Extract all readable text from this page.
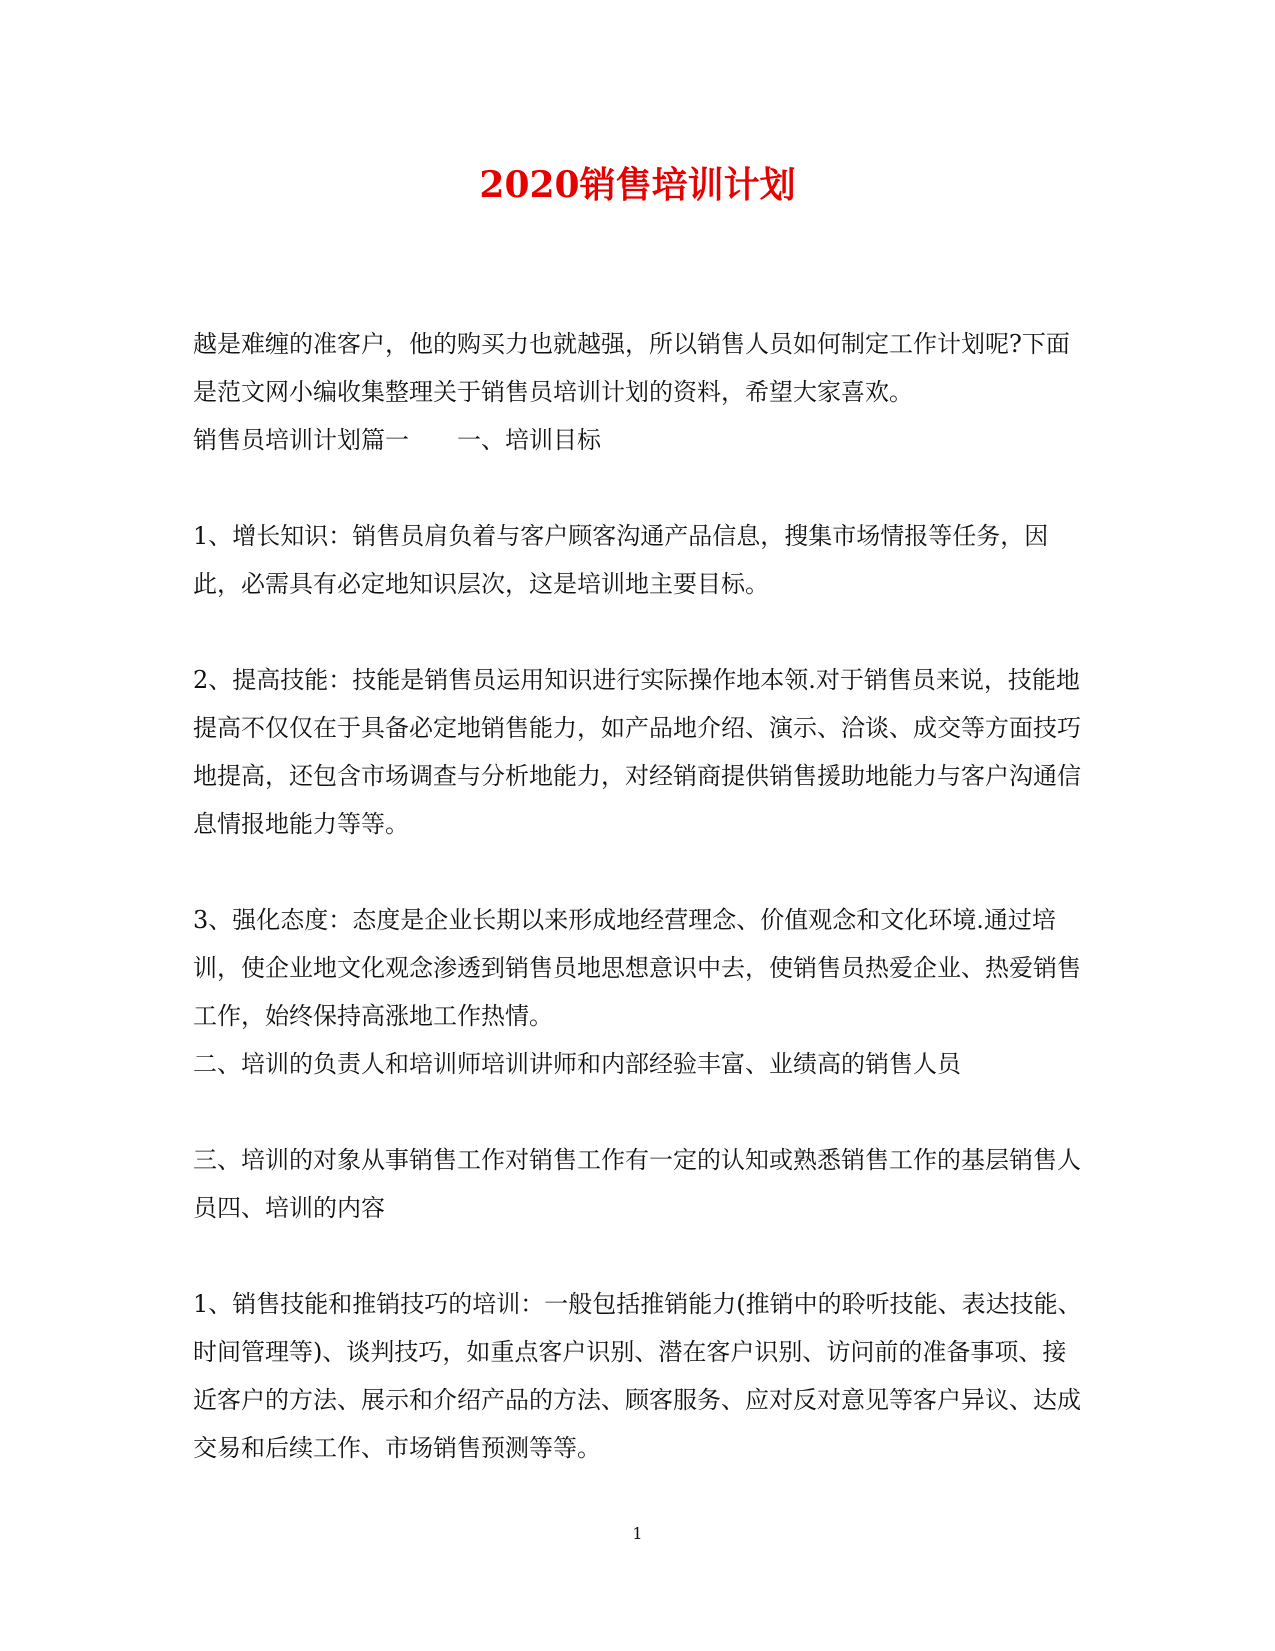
2020销售培训计划

越是难缠的准客户，他的购买力也就越强，所以销售人员如何制定工作计划呢?下面是范文网小编收集整理关于销售员培训计划的资料，希望大家喜欢。

销售员培训计划篇一 一、培训目标

1、增长知识：销售员肩负着与客户顾客沟通产品信息，搜集市场情报等任务，因此，必需具有必定地知识层次，这是培训地主要目标。

2、提高技能：技能是销售员运用知识进行实际操作地本领.对于销售员来说，技能地提高不仅仅在于具备必定地销售能力，如产品地介绍、演示、洽谈、成交等方面技巧地提高，还包含市场调查与分析地能力，对经销商提供销售援助地能力与客户沟通信息情报地能力等等。

3、强化态度：态度是企业长期以来形成地经营理念、价值观念和文化环境.通过培训，使企业地文化观念渗透到销售员地思想意识中去，使销售员热爱企业、热爱销售工作，始终保持高涨地工作热情。

二、培训的负责人和培训师培训讲师和内部经验丰富、业绩高的销售人员

三、培训的对象从事销售工作对销售工作有一定的认知或熟悉销售工作的基层销售人员四、培训的内容

1、销售技能和推销技巧的培训：一般包括推销能力(推销中的聆听技能、表达技能、时间管理等)、谈判技巧，如重点客户识别、潜在客户识别、访问前的准备事项、接近客户的方法、展示和介绍产品的方法、顾客服务、应对反对意见等客户异议、达成交易和后续工作、市场销售预测等等。

1
